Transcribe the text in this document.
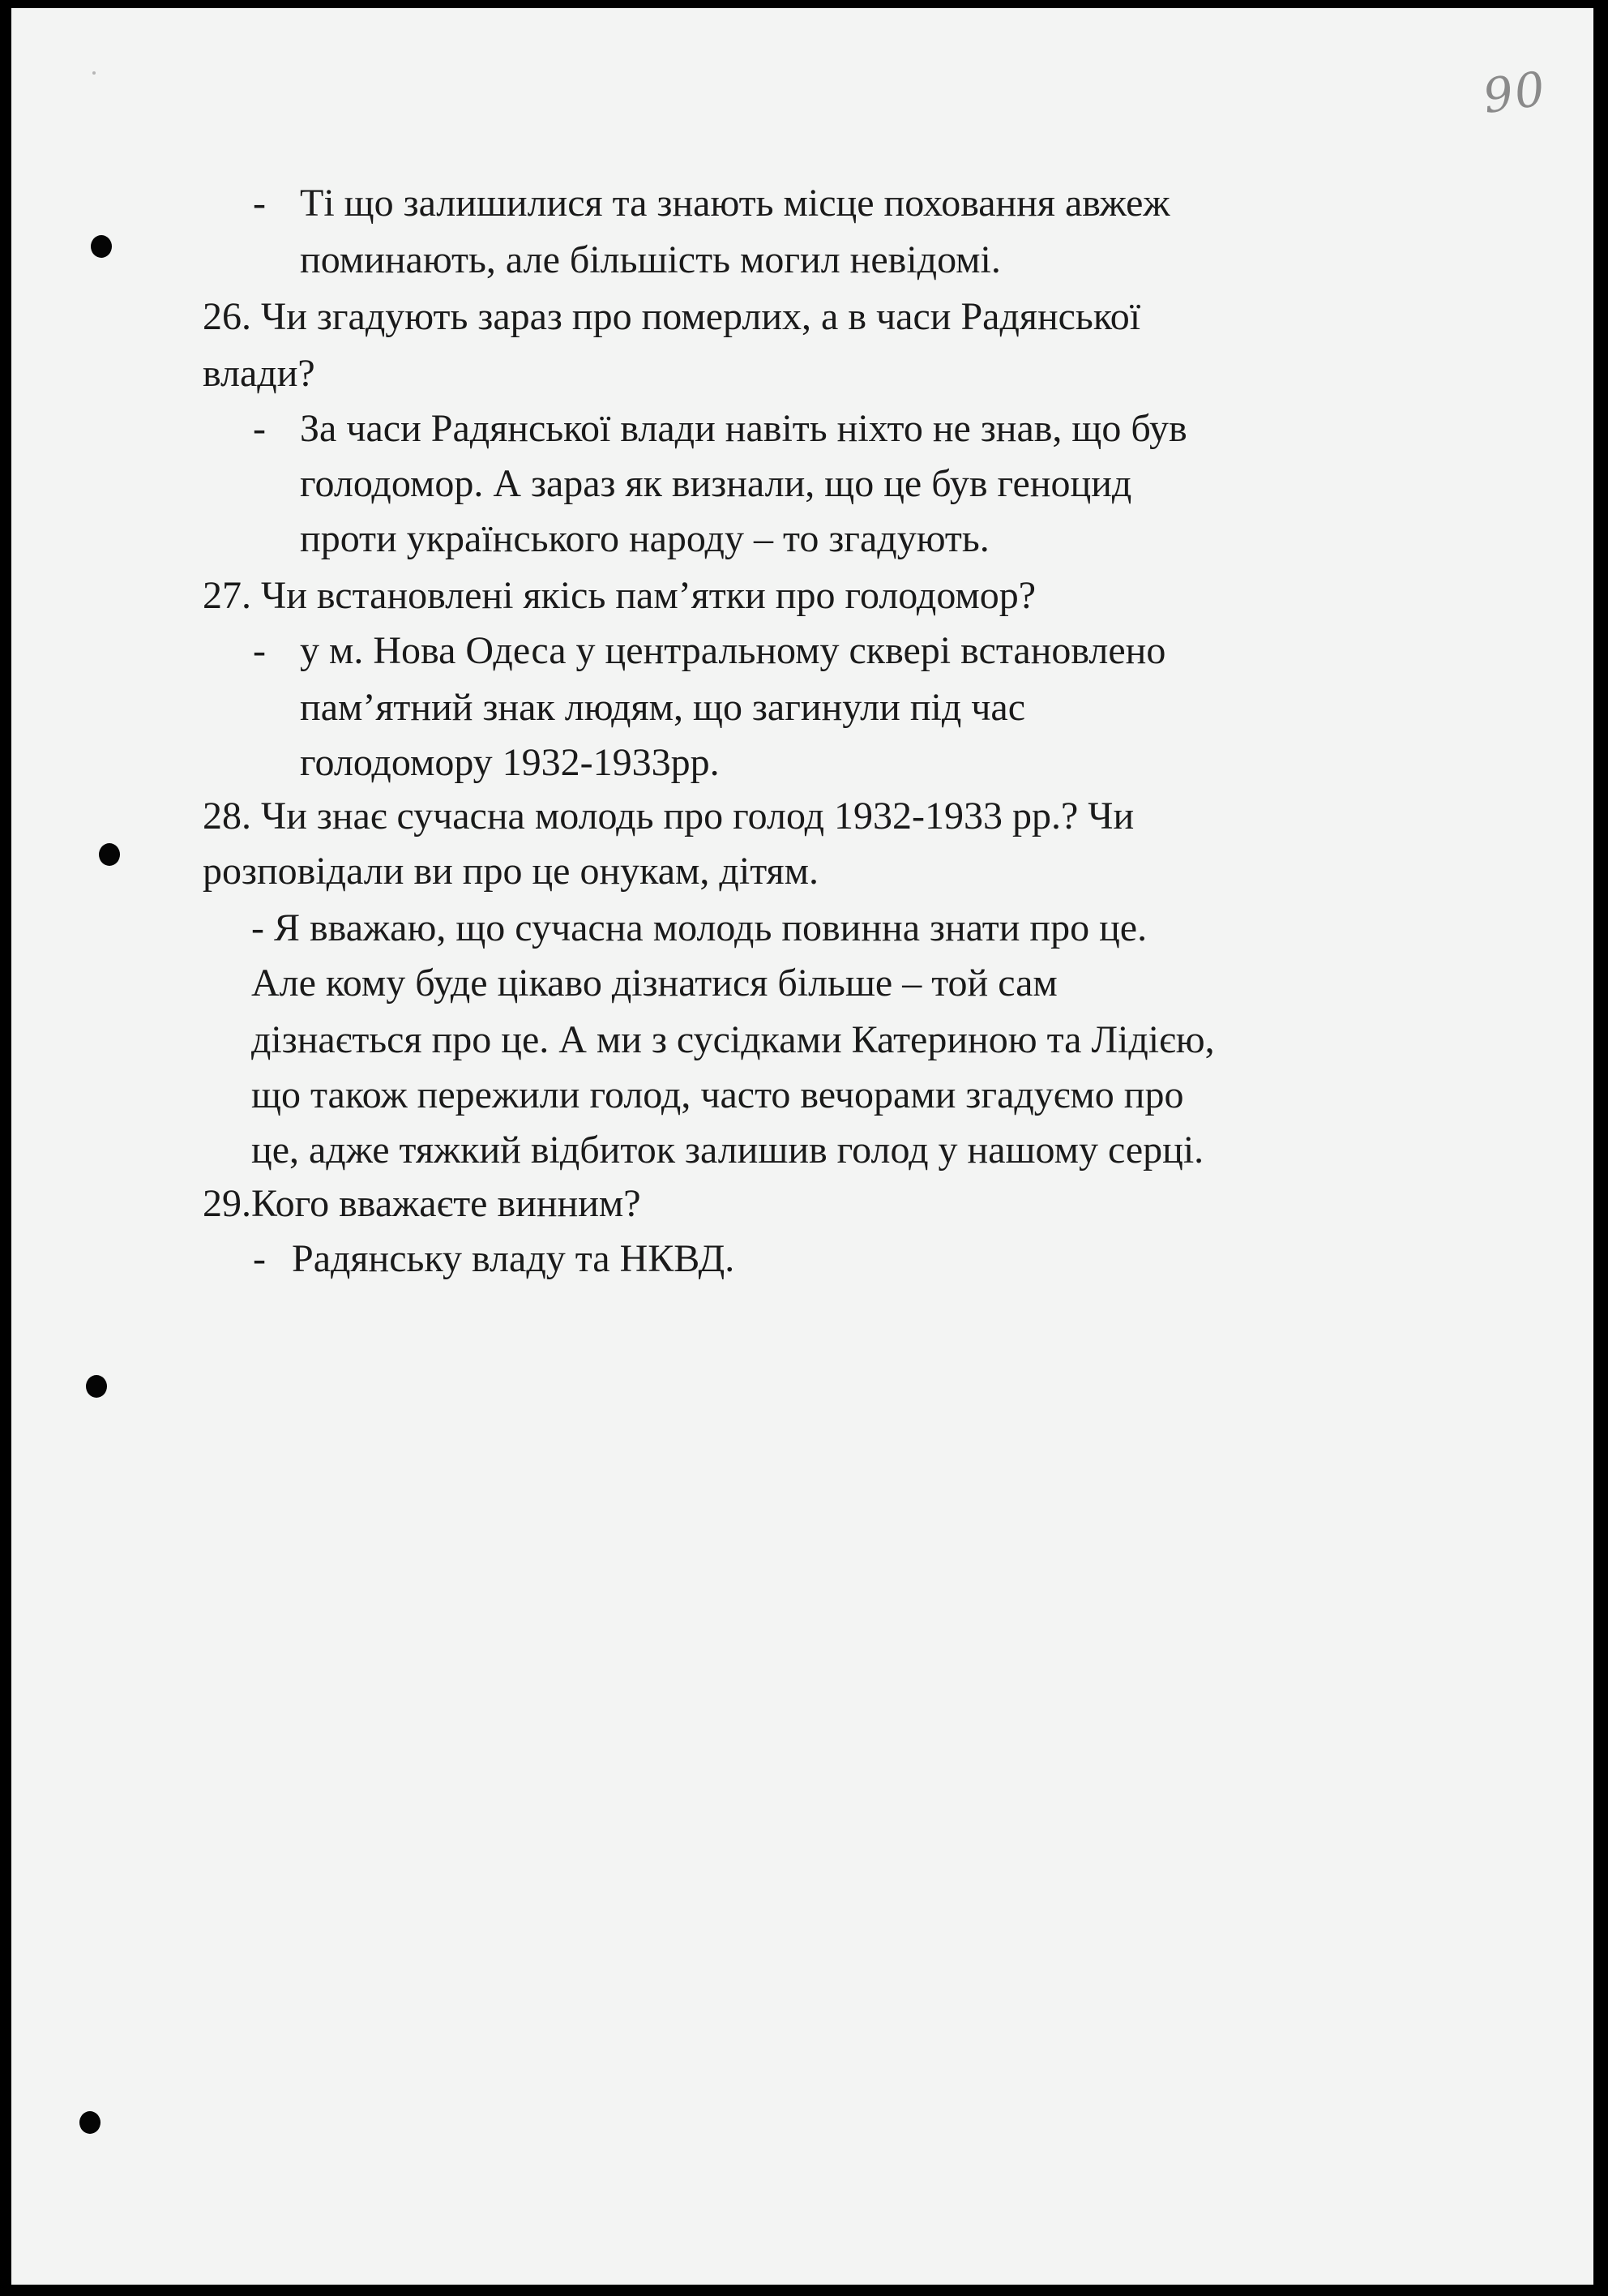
90
- Ті що залишилися та знають місце поховання авжеж
поминають, але більшість могил невідомі.
26. Чи згадують зараз про померлих, а в часи Радянської
влади?
- За часи Радянської влади навіть ніхто не знав, що був
голодомор. А зараз як визнали, що це був геноцид
проти українського народу – то згадують.
27. Чи встановлені якісь пам’ятки про голодомор?
- у м. Нова Одеса у центральному сквері встановлено
пам’ятний знак людям, що загинули під час
голодомору 1932-1933рр.
28. Чи знає сучасна молодь про голод 1932-1933 рр.? Чи
розповідали ви про це онукам, дітям.
- Я вважаю, що сучасна молодь повинна знати про це.
Але кому буде цікаво дізнатися більше – той сам
дізнається про це. А ми з сусідками Катериною та Лідією,
що також пережили голод, часто вечорами згадуємо про
це, адже тяжкий відбиток залишив голод у нашому серці.
29.Кого вважаєте винним?
- Радянську владу та НКВД.
